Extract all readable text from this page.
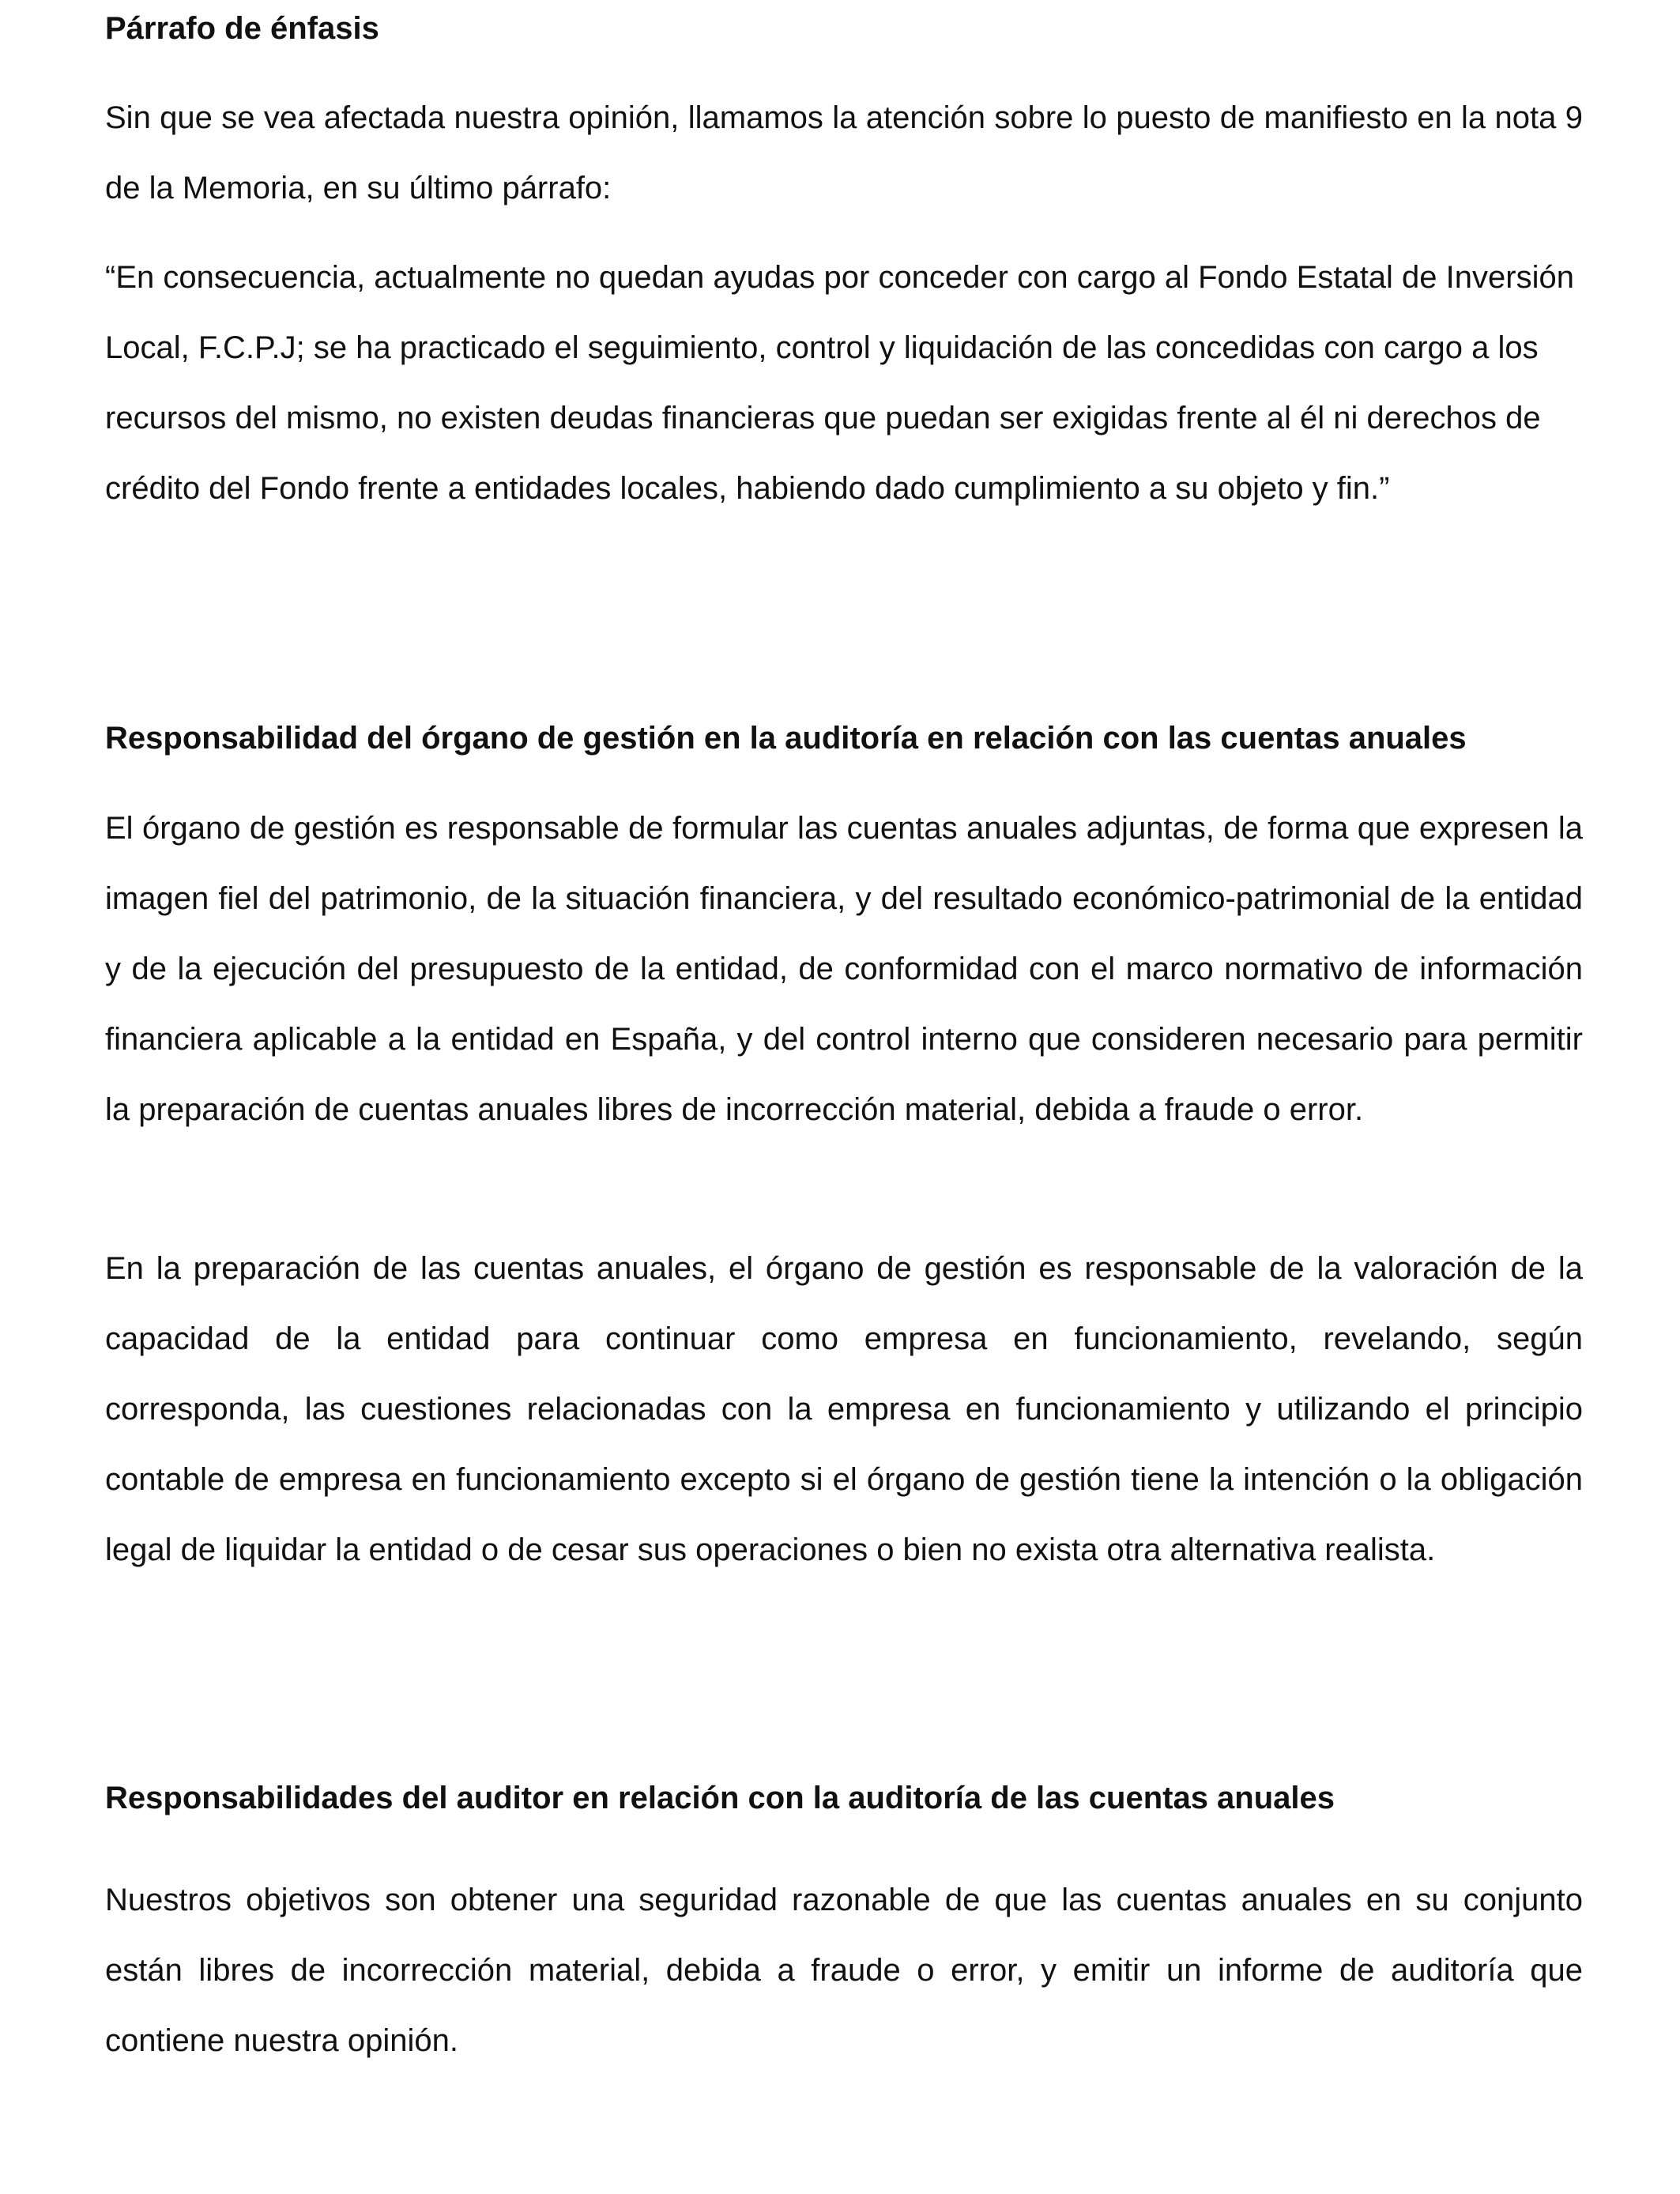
Párrafo de énfasis

Sin que se vea afectada nuestra opinión, llamamos la atención sobre lo puesto de manifiesto en la nota 9 de la Memoria, en su último párrafo:

“En consecuencia, actualmente no quedan ayudas por conceder con cargo al Fondo Estatal de Inversión Local, F.C.P.J; se ha practicado el seguimiento, control y liquidación de las concedidas con cargo a los recursos del mismo, no existen deudas financieras que puedan ser exigidas frente al él ni derechos de crédito del Fondo frente a entidades locales, habiendo dado cumplimiento a su objeto y fin.”

Responsabilidad del órgano de gestión en la auditoría en relación con las cuentas anuales

El órgano de gestión es responsable de formular las cuentas anuales adjuntas, de forma que expresen la imagen fiel del patrimonio, de la situación financiera, y del resultado económico-patrimonial de la entidad y de la ejecución del presupuesto de la entidad, de conformidad con el marco normativo de información financiera aplicable a la entidad en España, y del control interno que consideren necesario para permitir la preparación de cuentas anuales libres de incorrección material, debida a fraude o error.

En la preparación de las cuentas anuales, el órgano de gestión es responsable de la valoración de la capacidad de la entidad para continuar como empresa en funcionamiento, revelando, según corresponda, las cuestiones relacionadas con la empresa en funcionamiento y utilizando el principio contable de empresa en funcionamiento excepto si el órgano de gestión tiene la intención o la obligación legal de liquidar la entidad o de cesar sus operaciones o bien no exista otra alternativa realista.

Responsabilidades del auditor en relación con la auditoría de las cuentas anuales

Nuestros objetivos son obtener una seguridad razonable de que las cuentas anuales en su conjunto están libres de incorrección material, debida a fraude o error, y emitir un informe de auditoría que contiene nuestra opinión.
